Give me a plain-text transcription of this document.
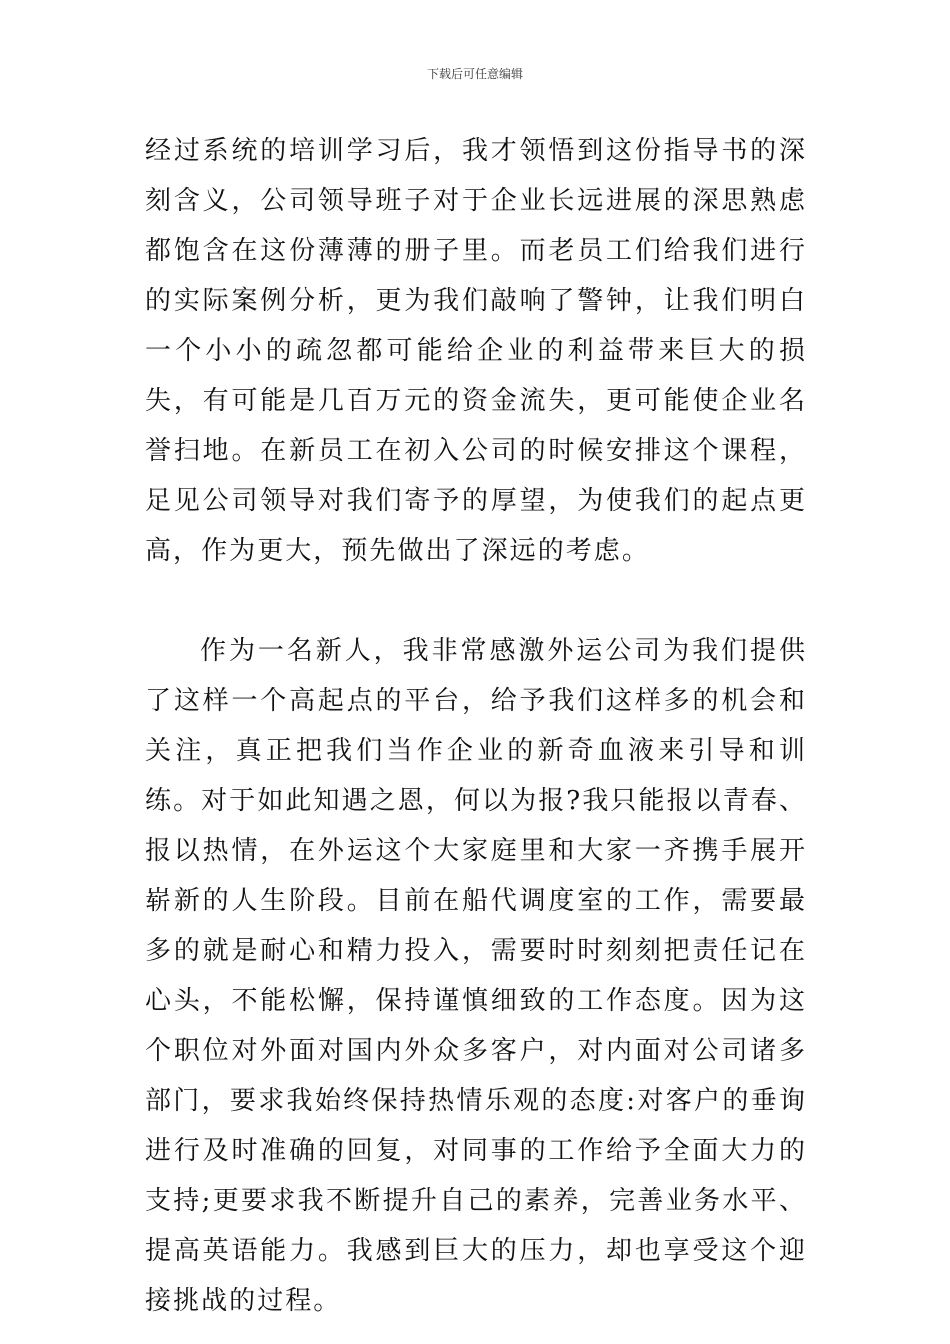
下载后可任意编辑

经过系统的培训学习后，我才领悟到这份指导书的深刻含义，公司领导班子对于企业长远进展的深思熟虑都饱含在这份薄薄的册子里。而老员工们给我们进行的实际案例分析，更为我们敲响了警钟，让我们明白一个小小的疏忽都可能给企业的利益带来巨大的损失，有可能是几百万元的资金流失，更可能使企业名誉扫地。在新员工在初入公司的时候安排这个课程，足见公司领导对我们寄予的厚望，为使我们的起点更高，作为更大，预先做出了深远的考虑。

作为一名新人，我非常感激外运公司为我们提供了这样一个高起点的平台，给予我们这样多的机会和关注，真正把我们当作企业的新奇血液来引导和训练。对于如此知遇之恩，何以为报?我只能报以青春、报以热情，在外运这个大家庭里和大家一齐携手展开崭新的人生阶段。目前在船代调度室的工作，需要最多的就是耐心和精力投入，需要时时刻刻把责任记在心头，不能松懈，保持谨慎细致的工作态度。因为这个职位对外面对国内外众多客户，对内面对公司诸多部门，要求我始终保持热情乐观的态度:对客户的垂询进行及时准确的回复，对同事的工作给予全面大力的支持;更要求我不断提升自己的素养，完善业务水平、提高英语能力。我感到巨大的压力，却也享受这个迎接挑战的过程。
